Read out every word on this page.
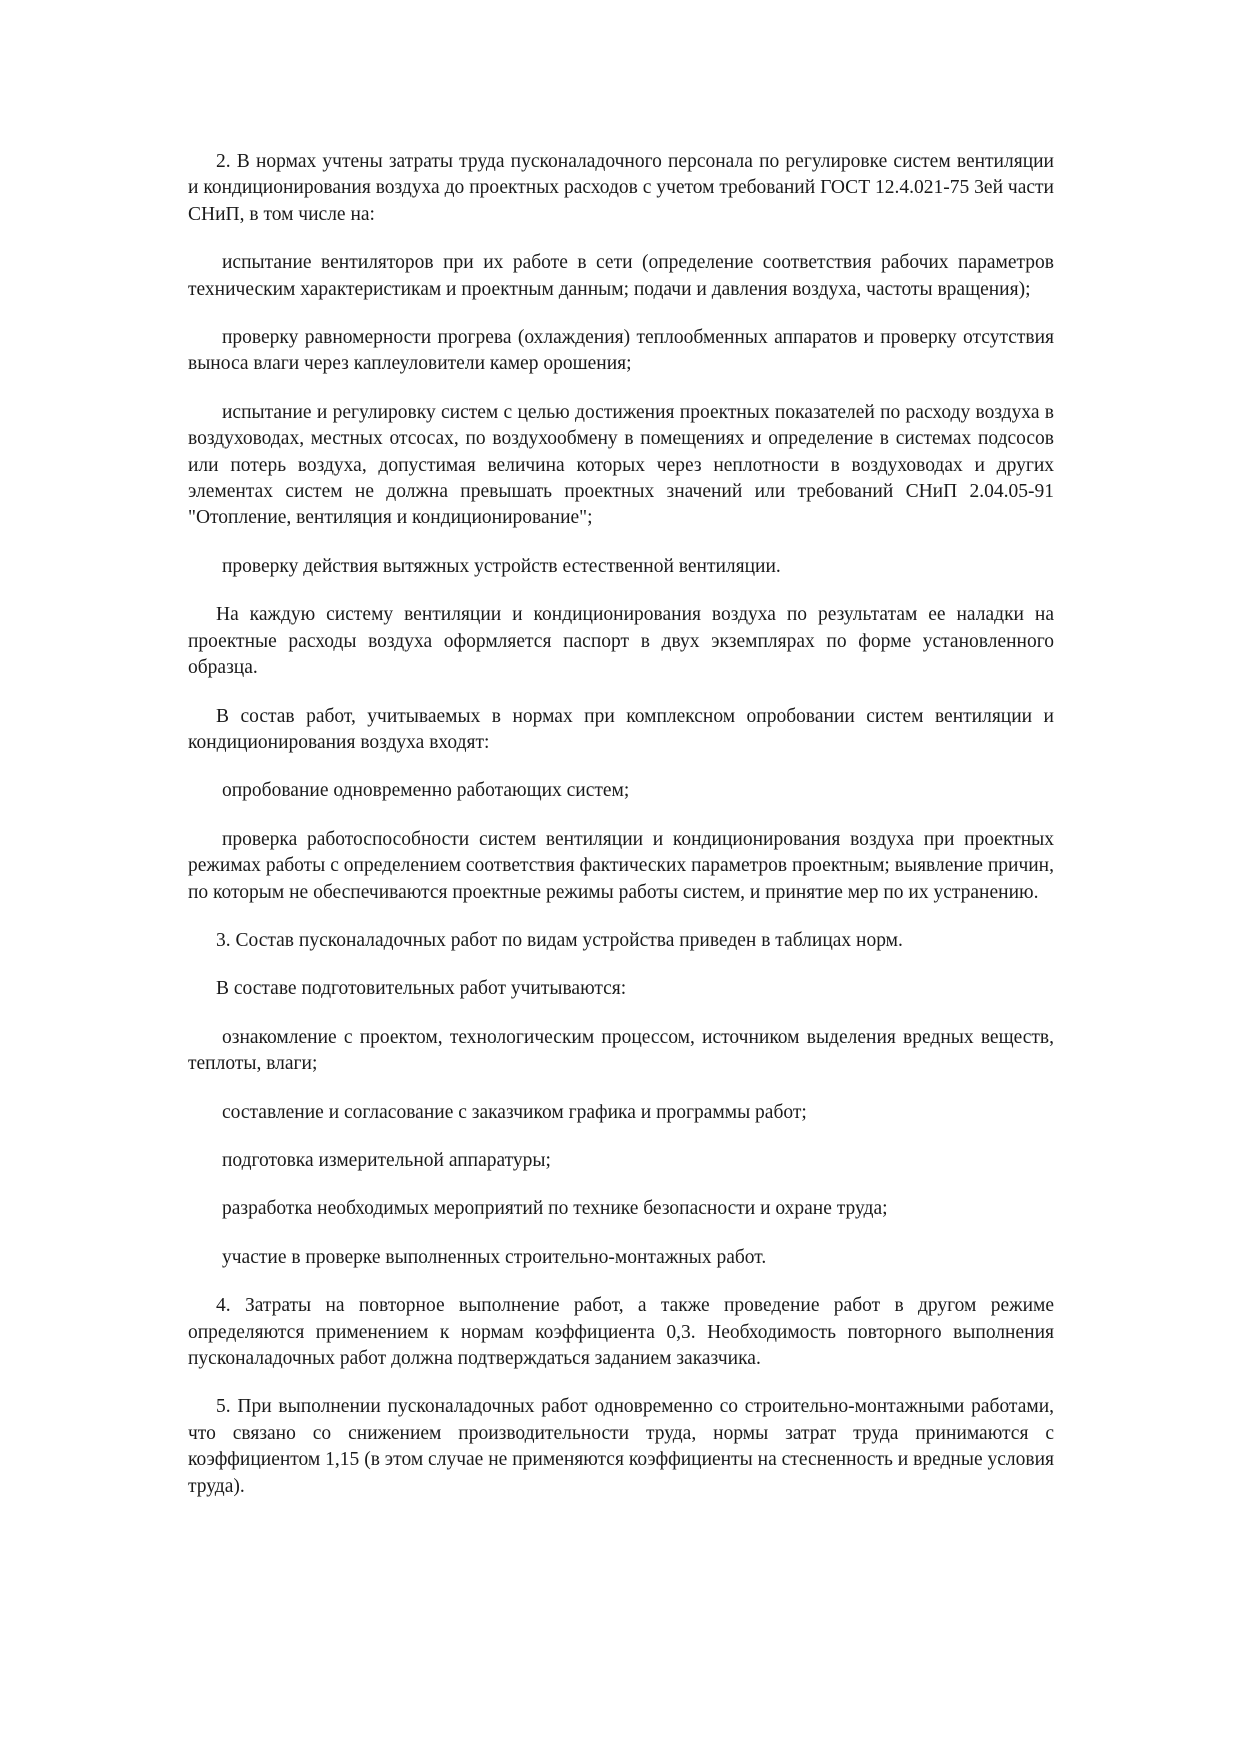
2. В нормах учтены затраты труда пусконаладочного персонала по регулировке систем вентиляции и кондиционирования воздуха до проектных расходов с учетом требований ГОСТ 12.4.021-75 3ей части СНиП, в том числе на:

испытание вентиляторов при их работе в сети (определение соответствия рабочих параметров техническим характеристикам и проектным данным; подачи и давления воздуха, частоты вращения);

проверку равномерности прогрева (охлаждения) теплообменных аппаратов и проверку отсутствия выноса влаги через каплеуловители камер орошения;

испытание и регулировку систем с целью достижения проектных показателей по расходу воздуха в воздуховодах, местных отсосах, по воздухообмену в помещениях и определение в системах подсосов или потерь воздуха, допустимая величина которых через неплотности в воздуховодах и других элементах систем не должна превышать проектных значений или требований СНиП 2.04.05-91 "Отопление, вентиляция и кондиционирование";

проверку действия вытяжных устройств естественной вентиляции.

На каждую систему вентиляции и кондиционирования воздуха по результатам ее наладки на проектные расходы воздуха оформляется паспорт в двух экземплярах по форме установленного образца.

В состав работ, учитываемых в нормах при комплексном опробовании систем вентиляции и кондиционирования воздуха входят:

опробование одновременно работающих систем;

проверка работоспособности систем вентиляции и кондиционирования воздуха при проектных режимах работы с определением соответствия фактических параметров проектным; выявление причин, по которым не обеспечиваются проектные режимы работы систем, и принятие мер по их устранению.

3. Состав пусконаладочных работ по видам устройства приведен в таблицах норм.

В составе подготовительных работ учитываются:

ознакомление с проектом, технологическим процессом, источником выделения вредных веществ, теплоты, влаги;

составление и согласование с заказчиком графика и программы работ;

подготовка измерительной аппаратуры;

разработка необходимых мероприятий по технике безопасности и охране труда;

участие в проверке выполненных строительно-монтажных работ.

4. Затраты на повторное выполнение работ, а также проведение работ в другом режиме определяются применением к нормам коэффициента 0,3. Необходимость повторного выполнения пусконаладочных работ должна подтверждаться заданием заказчика.

5. При выполнении пусконаладочных работ одновременно со строительно-монтажными работами, что связано со снижением производительности труда, нормы затрат труда принимаются с коэффициентом 1,15 (в этом случае не применяются коэффициенты на стесненность и вредные условия труда).
